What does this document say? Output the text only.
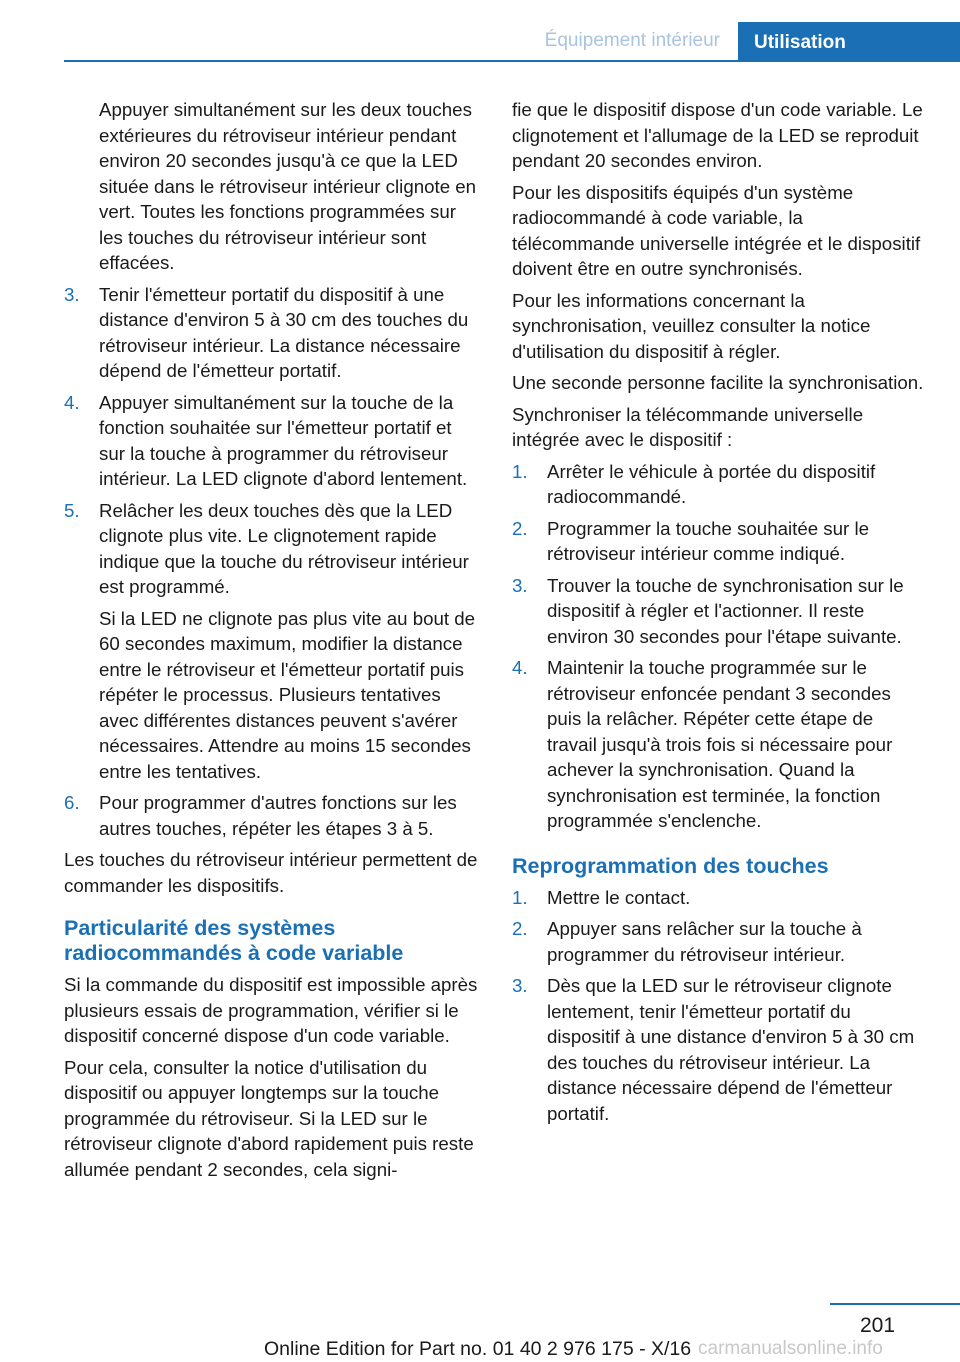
Équipement intérieur	Utilisation

Appuyer simultanément sur les deux touches extérieures du rétroviseur intérieur pendant environ 20 secondes jusqu'à ce que la LED située dans le rétroviseur intérieur clignote en vert. Toutes les fonctions programmées sur les touches du rétroviseur intérieur sont effacées.

3. Tenir l'émetteur portatif du dispositif à une distance d'environ 5 à 30 cm des touches du rétroviseur intérieur. La distance nécessaire dépend de l'émetteur portatif.

4. Appuyer simultanément sur la touche de la fonction souhaitée sur l'émetteur portatif et sur la touche à programmer du rétroviseur intérieur. La LED clignote d'abord lentement.

5. Relâcher les deux touches dès que la LED clignote plus vite. Le clignotement rapide indique que la touche du rétroviseur intérieur est programmé.

Si la LED ne clignote pas plus vite au bout de 60 secondes maximum, modifier la distance entre le rétroviseur et l'émetteur portatif puis répéter le processus. Plusieurs tentatives avec différentes distances peuvent s'avérer nécessaires. Attendre au moins 15 secondes entre les tentatives.

6. Pour programmer d'autres fonctions sur les autres touches, répéter les étapes 3 à 5.

Les touches du rétroviseur intérieur permettent de commander les dispositifs.

Particularité des systèmes radiocommandés à code variable

Si la commande du dispositif est impossible après plusieurs essais de programmation, vérifier si le dispositif concerné dispose d'un code variable.

Pour cela, consulter la notice d'utilisation du dispositif ou appuyer longtemps sur la touche programmée du rétroviseur. Si la LED sur le rétroviseur clignote d'abord rapidement puis reste allumée pendant 2 secondes, cela signi-

fie que le dispositif dispose d'un code variable. Le clignotement et l'allumage de la LED se reproduit pendant 20 secondes environ.

Pour les dispositifs équipés d'un système radiocommandé à code variable, la télécommande universelle intégrée et le dispositif doivent être en outre synchronisés.

Pour les informations concernant la synchronisation, veuillez consulter la notice d'utilisation du dispositif à régler.

Une seconde personne facilite la synchronisation.

Synchroniser la télécommande universelle intégrée avec le dispositif :

1. Arrêter le véhicule à portée du dispositif radiocommandé.

2. Programmer la touche souhaitée sur le rétroviseur intérieur comme indiqué.

3. Trouver la touche de synchronisation sur le dispositif à régler et l'actionner. Il reste environ 30 secondes pour l'étape suivante.

4. Maintenir la touche programmée sur le rétroviseur enfoncée pendant 3 secondes puis la relâcher. Répéter cette étape de travail jusqu'à trois fois si nécessaire pour achever la synchronisation. Quand la synchronisation est terminée, la fonction programmée s'enclenche.

Reprogrammation des touches
1. Mettre le contact.

2. Appuyer sans relâcher sur la touche à programmer du rétroviseur intérieur.

3. Dès que la LED sur le rétroviseur clignote lentement, tenir l'émetteur portatif du dispositif à une distance d'environ 5 à 30 cm des touches du rétroviseur intérieur. La distance nécessaire dépend de l'émetteur portatif.

201
Online Edition for Part no. 01 40 2 976 175 - X/16 carmanualsonline.info
